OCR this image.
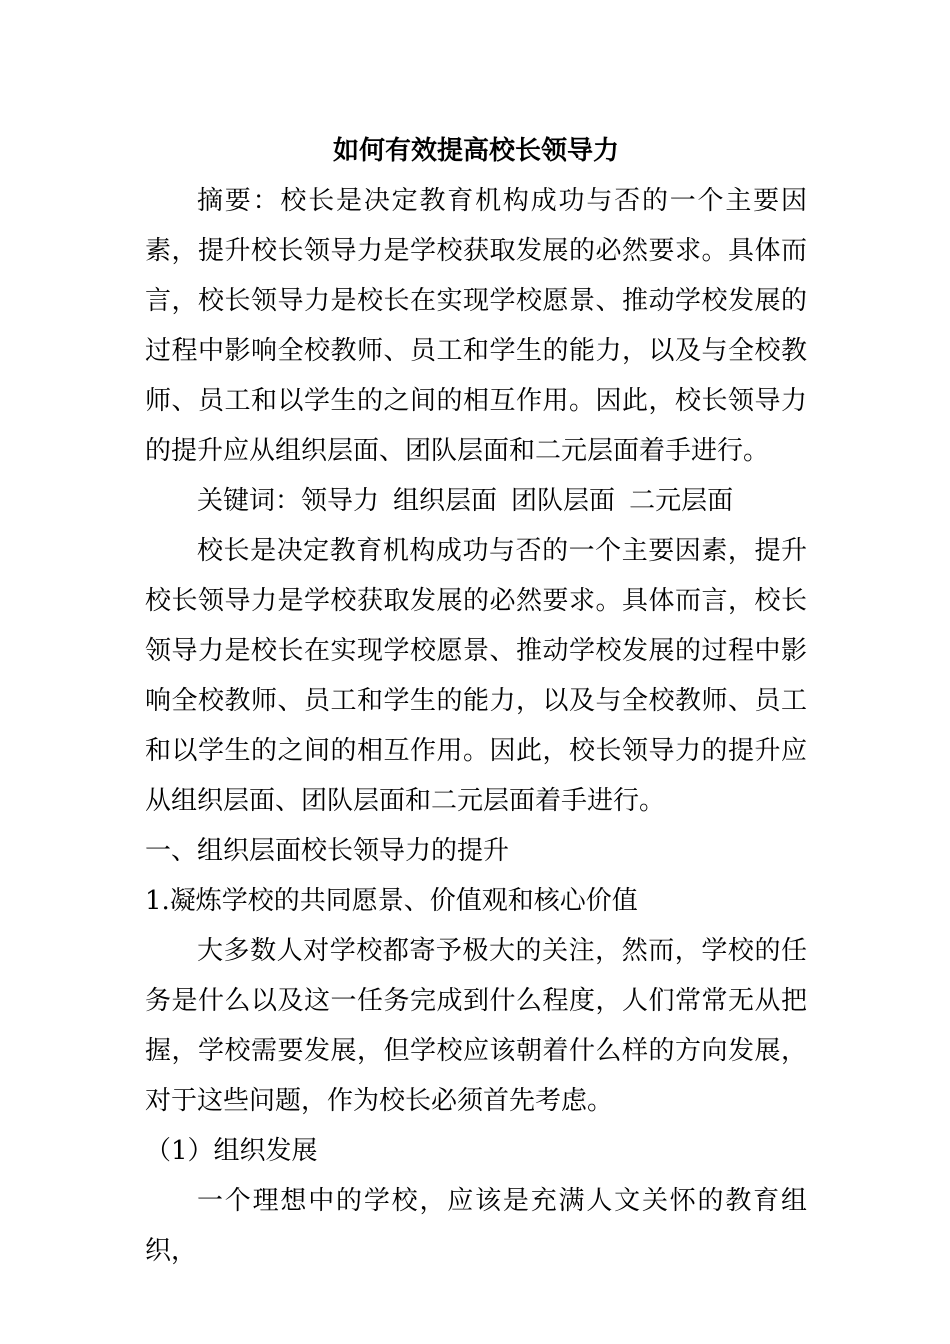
如何有效提高校长领导力

摘要：校长是决定教育机构成功与否的一个主要因素，提升校长领导力是学校获取发展的必然要求。具体而言，校长领导力是校长在实现学校愿景、推动学校发展的过程中影响全校教师、员工和学生的能力，以及与全校教师、员工和以学生的之间的相互作用。因此，校长领导力的提升应从组织层面、团队层面和二元层面着手进行。

关键词：领导力 组织层面 团队层面 二元层面

校长是决定教育机构成功与否的一个主要因素，提升校长领导力是学校获取发展的必然要求。具体而言，校长领导力是校长在实现学校愿景、推动学校发展的过程中影响全校教师、员工和学生的能力，以及与全校教师、员工和以学生的之间的相互作用。因此，校长领导力的提升应从组织层面、团队层面和二元层面着手进行。

一、组织层面校长领导力的提升

1.凝炼学校的共同愿景、价值观和核心价值

大多数人对学校都寄予极大的关注，然而，学校的任务是什么以及这一任务完成到什么程度，人们常常无从把握，学校需要发展，但学校应该朝着什么样的方向发展，对于这些问题，作为校长必须首先考虑。

（1）组织发展

一个理想中的学校，应该是充满人文关怀的教育组织，
